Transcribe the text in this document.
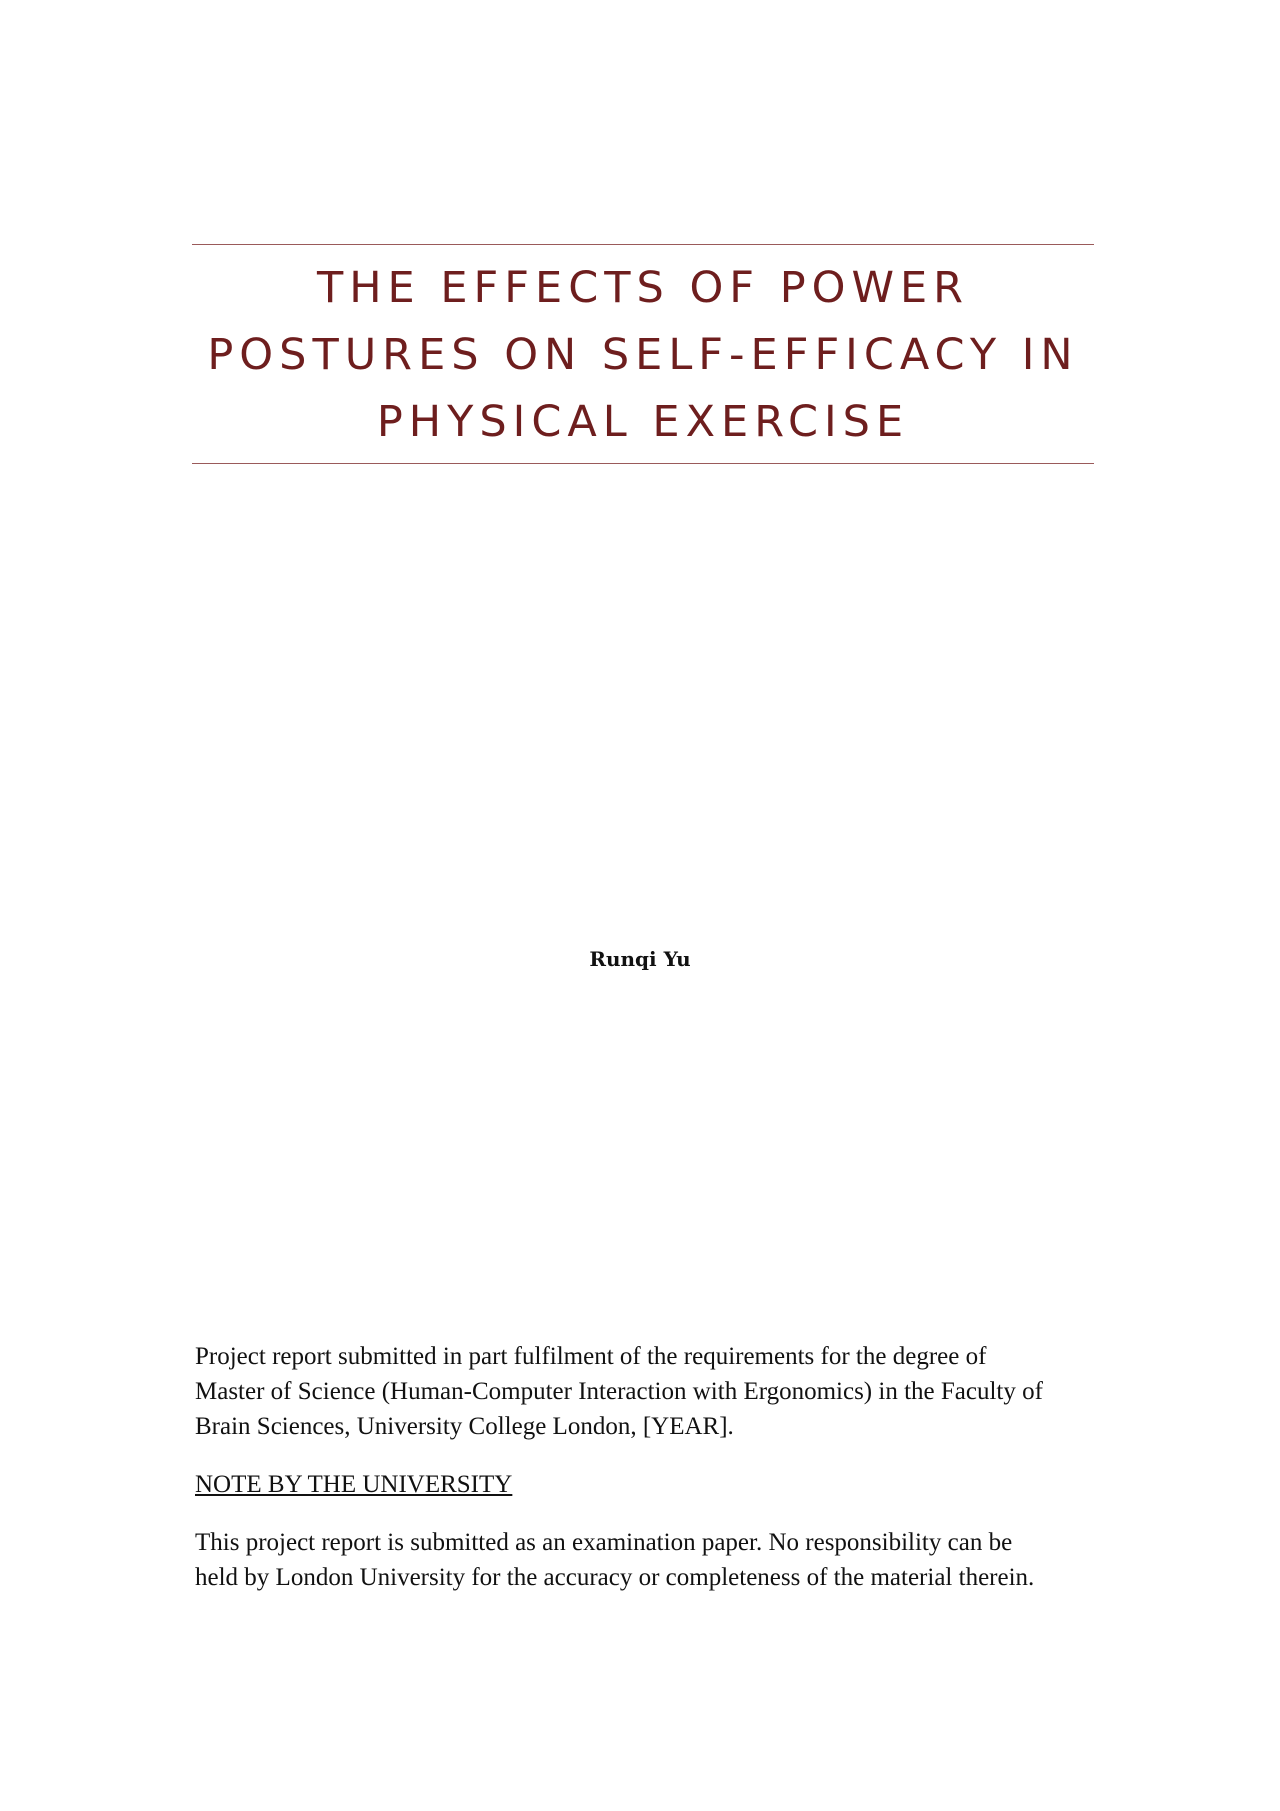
THE EFFECTS OF POWER

POSTURES ON SELF-EFFICACY IN

PHYSICAL EXERCISE

Runqi Yu
Project report submitted in part fulfilment of the requirements for the degree of
Master of Science (Human-Computer Interaction with Ergonomics) in the Faculty of
Brain Sciences, University College London, [YEAR].
NOTE BY THE UNIVERSITY
This project report is submitted as an examination paper. No responsibility can be
held by London University for the accuracy or completeness of the material therein.
